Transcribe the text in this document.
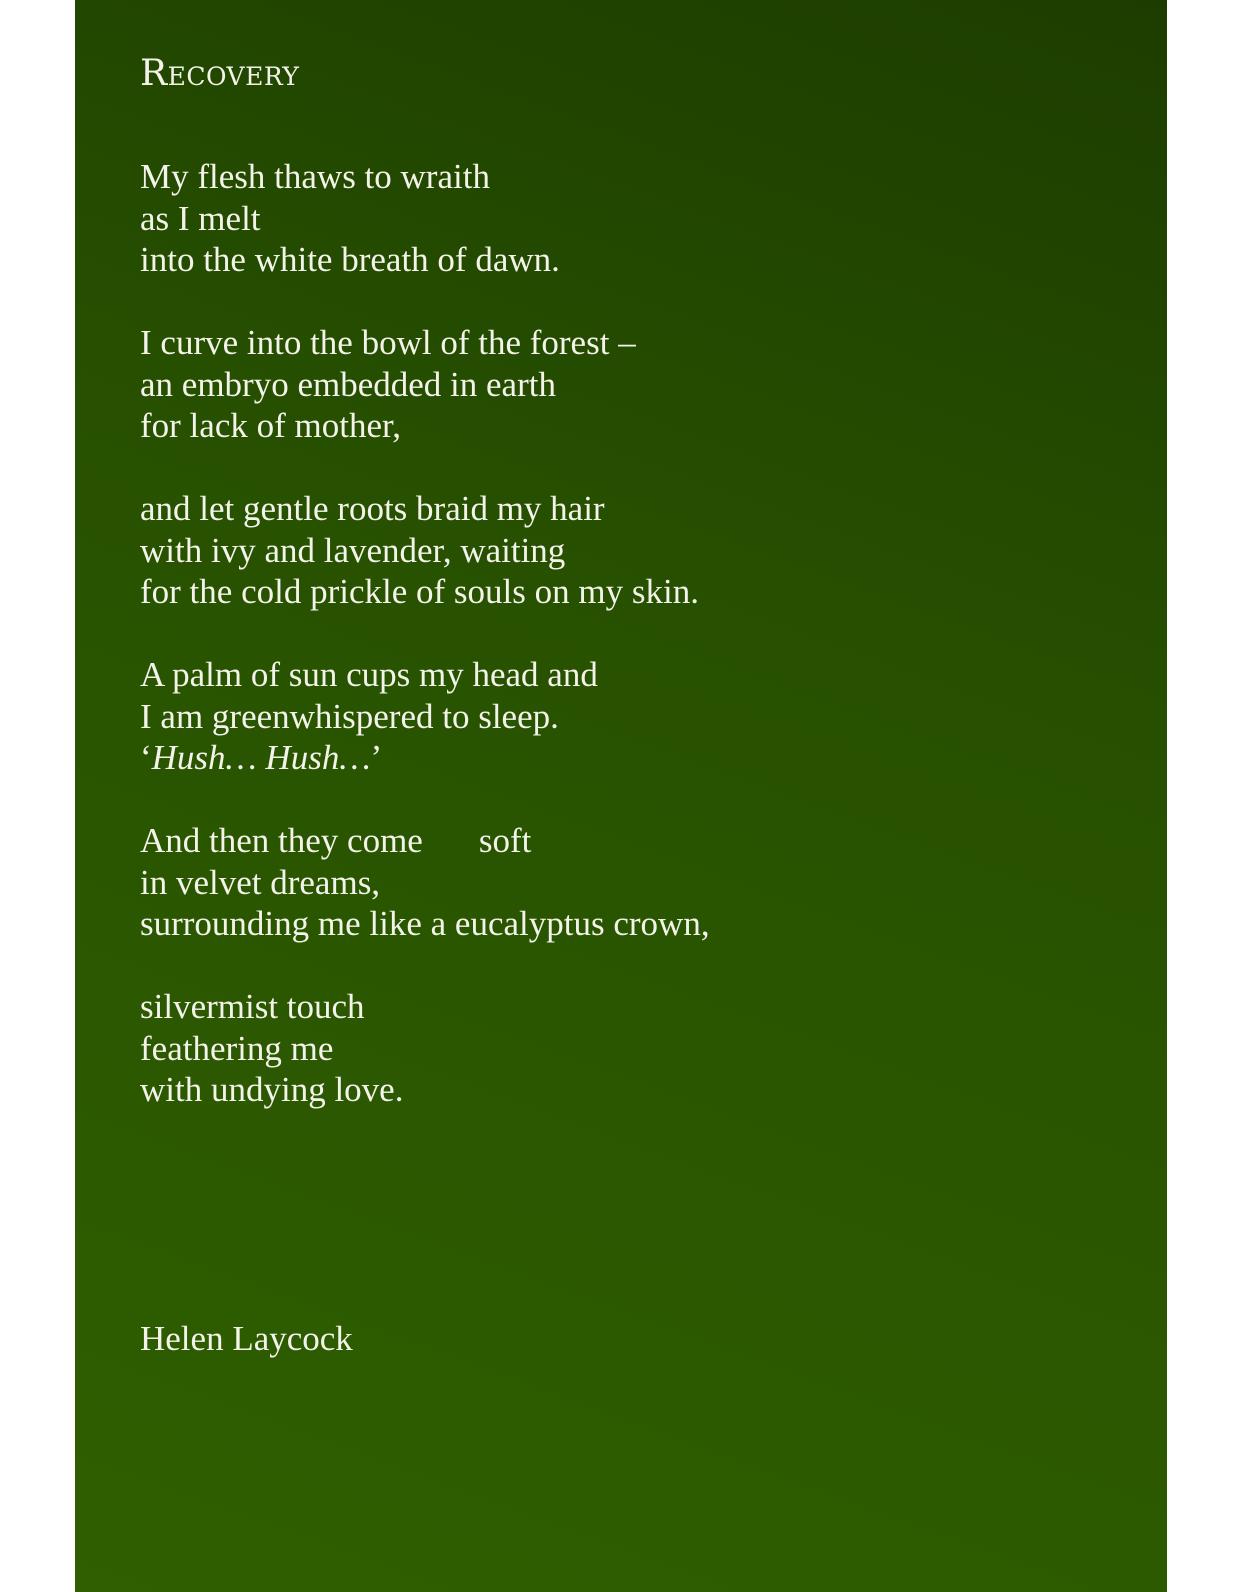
Recovery
My flesh thaws to wraith
as I melt
into the white breath of dawn.
I curve into the bowl of the forest –
an embryo embedded in earth
for lack of mother,
and let gentle roots braid my hair
with ivy and lavender, waiting
for the cold prickle of souls on my skin.
A palm of sun cups my head and
I am greenwhispered to sleep.
‘Hush… Hush…’
And then they come soft
in velvet dreams,
surrounding me like a eucalyptus crown,
silvermist touch
feathering me
with undying love.

Helen Laycock
